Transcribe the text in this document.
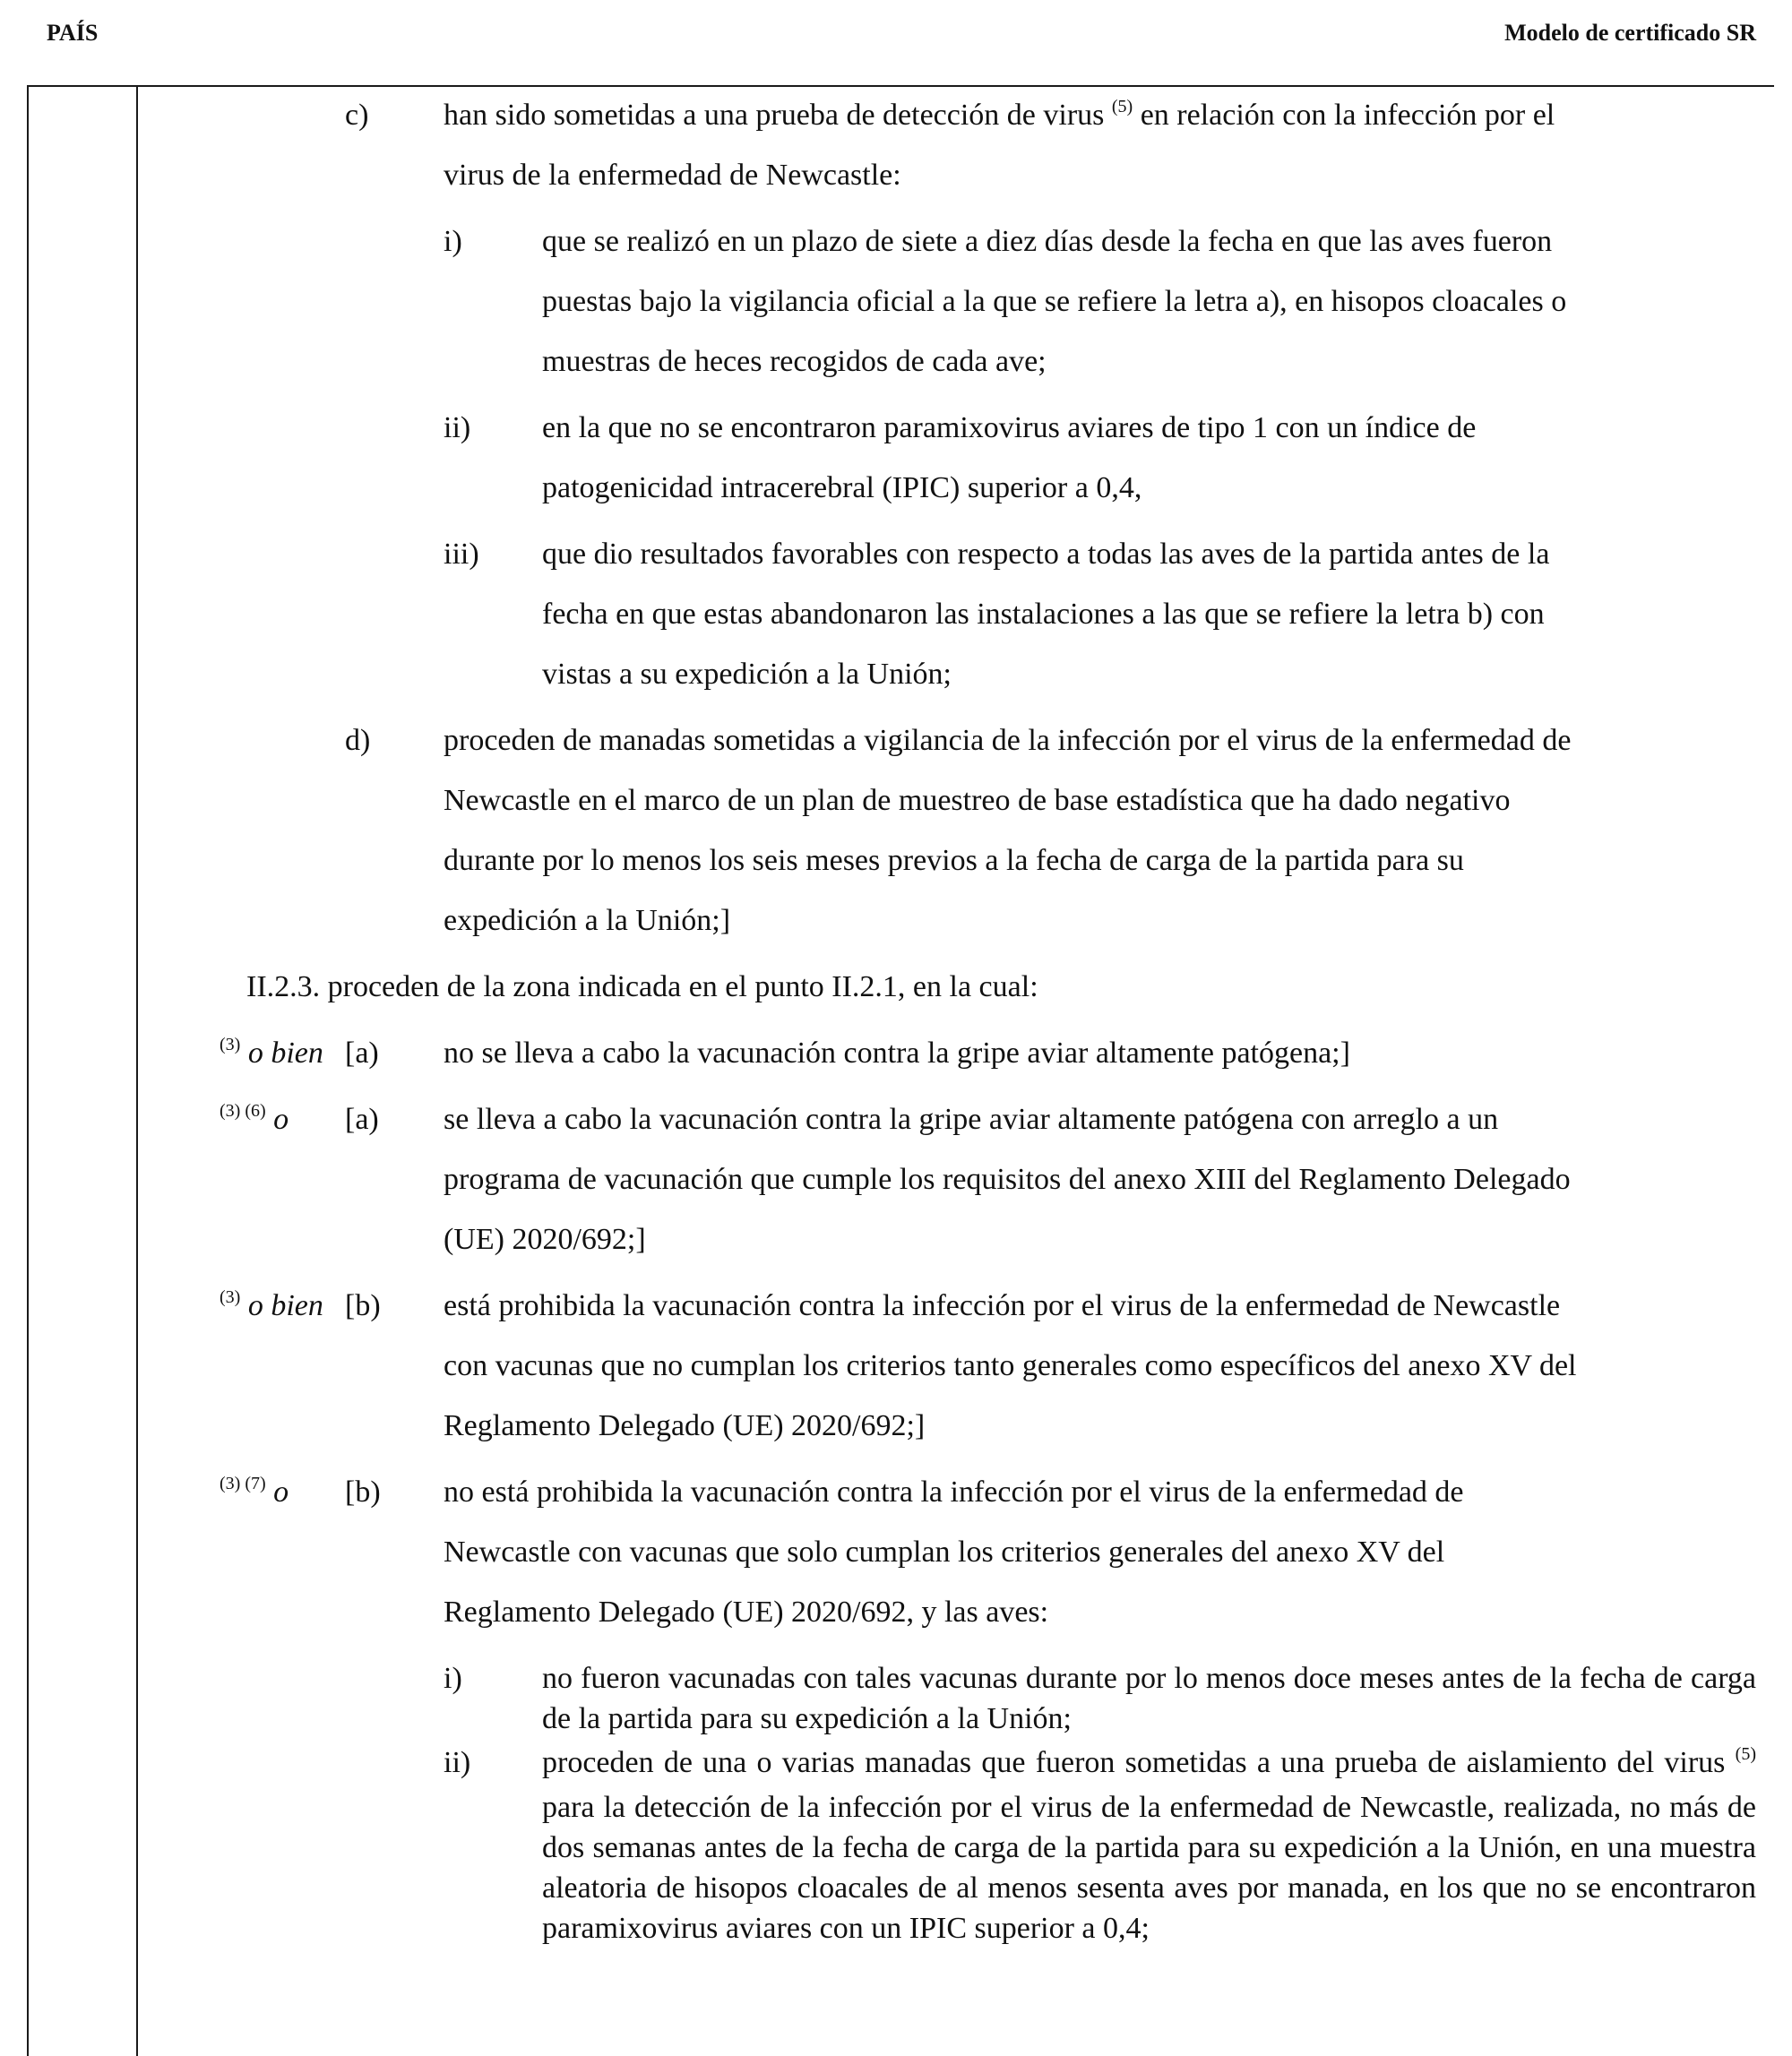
PAÍS	Modelo de certificado SR
c) han sido sometidas a una prueba de detección de virus $^{(5)}$ en relación con la infección por el
virus de la enfermedad de Newcastle:
i)	que se realizó en un plazo de siete a diez días desde la fecha en que las aves fueron
puestas bajo la vigilancia oficial a la que se refiere la letra a), en hisopos cloacales o
muestras de heces recogidos de cada ave;
ii) en la que no se encontraron paramixovirus aviares de tipo 1 con un índice de
patogenicidad intracerebral (IPIC) superior a 0,4,
iii) que dio resultados favorables con respecto a todas las aves de la partida antes de la
fecha en que estas abandonaron las instalaciones a las que se refiere la letra b) con
vistas a su expedición a la Unión;
d) proceden de manadas sometidas a vigilancia de la infección por el virus de la enfermedad de
Newcastle en el marco de un plan de muestreo de base estadística que ha dado negativo
durante por lo menos los seis meses previos a la fecha de carga de la partida para su
expedición a la Unión;]
II.2.3. proceden de la zona indicada en el punto II.2.1, en la cual:
$^{(3)}$ o bien [a) no se lleva a cabo la vacunación contra la gripe aviar altamente patógena;]
$^{(3) (6)}$ o [a) se lleva a cabo la vacunación contra la gripe aviar altamente patógena con arreglo a un
programa de vacunación que cumple los requisitos del anexo XIII del Reglamento Delegado
(UE) 2020/692;]
$^{(3)}$ o bien [b) está prohibida la vacunación contra la infección por el virus de la enfermedad de Newcastle
con vacunas que no cumplan los criterios tanto generales como específicos del anexo XV del
Reglamento Delegado (UE) 2020/692;]
$^{(3) (7)}$ o [b) no está prohibida la vacunación contra la infección por el virus de la enfermedad de
Newcastle con vacunas que solo cumplan los criterios generales del anexo XV del
Reglamento Delegado (UE) 2020/692, y las aves:
i)	no fueron vacunadas con tales vacunas durante por lo menos doce meses antes de la fecha de carga de la partida para su expedición a la Unión;
ii) proceden de una o varias manadas que fueron sometidas a una prueba de aislamiento del virus $^{(5)}$ para la detección de la infección por el virus de la enfermedad de Newcastle, realizada, no más de dos semanas antes de la fecha de carga de la partida para su expedición a la Unión, en una muestra aleatoria de hisopos cloacales de al menos sesenta aves por manada, en los que no se encontraron paramixovirus aviares con un IPIC superior a 0,4;
